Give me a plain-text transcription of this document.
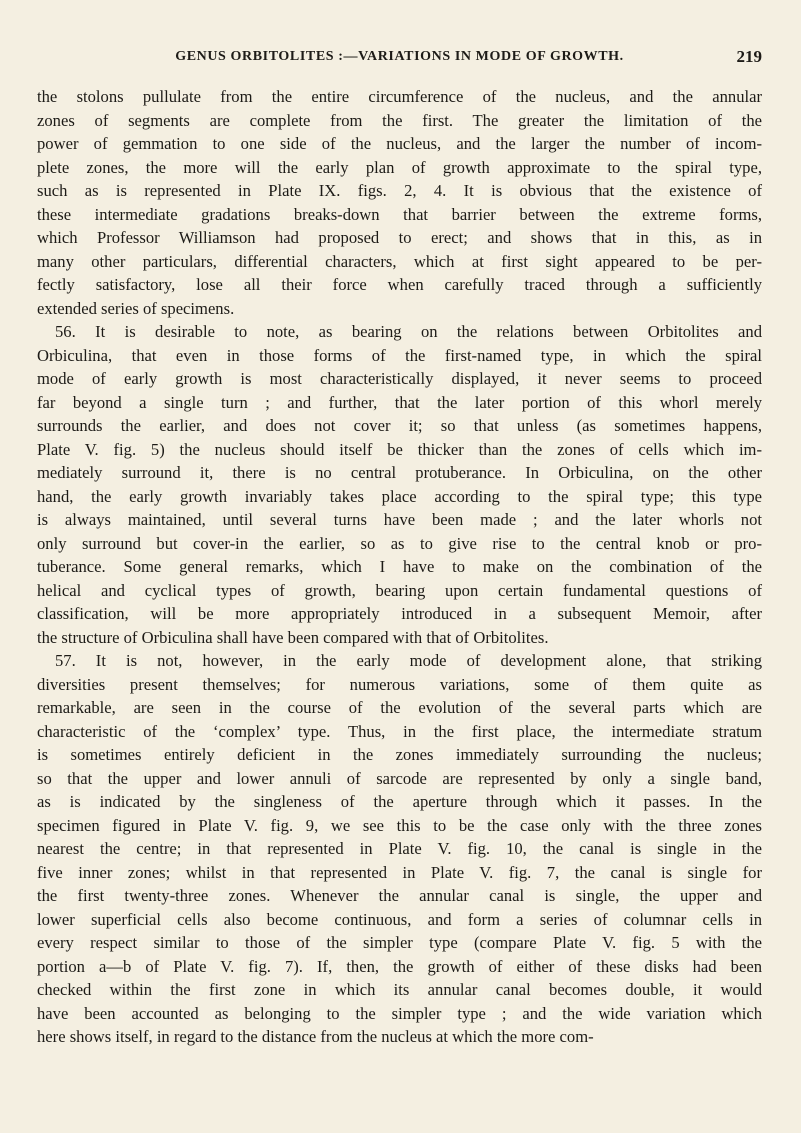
GENUS ORBITOLITES :—VARIATIONS IN MODE OF GROWTH.	219
the stolons pullulate from the entire circumference of the nucleus, and the annular
zones of segments are complete from the first. The greater the limitation of the
power of gemmation to one side of the nucleus, and the larger the number of incom-
plete zones, the more will the early plan of growth approximate to the spiral type,
such as is represented in Plate IX. figs. 2, 4. It is obvious that the existence of
these intermediate gradations breaks-down that barrier between the extreme forms,
which Professor Williamson had proposed to erect; and shows that in this, as in
many other particulars, differential characters, which at first sight appeared to be per-
fectly satisfactory, lose all their force when carefully traced through a sufficiently
extended series of specimens.
56. It is desirable to note, as bearing on the relations between Orbitolites and
Orbiculina, that even in those forms of the first-named type, in which the spiral
mode of early growth is most characteristically displayed, it never seems to proceed
far beyond a single turn ; and further, that the later portion of this whorl merely
surrounds the earlier, and does not cover it; so that unless (as sometimes happens,
Plate V. fig. 5) the nucleus should itself be thicker than the zones of cells which im-
mediately surround it, there is no central protuberance. In Orbiculina, on the other
hand, the early growth invariably takes place according to the spiral type; this type
is always maintained, until several turns have been made ; and the later whorls not
only surround but cover-in the earlier, so as to give rise to the central knob or pro-
tuberance. Some general remarks, which I have to make on the combination of the
helical and cyclical types of growth, bearing upon certain fundamental questions of
classification, will be more appropriately introduced in a subsequent Memoir, after
the structure of Orbiculina shall have been compared with that of Orbitolites.
57. It is not, however, in the early mode of development alone, that striking
diversities present themselves; for numerous variations, some of them quite as
remarkable, are seen in the course of the evolution of the several parts which are
characteristic of the ‘complex’ type. Thus, in the first place, the intermediate stratum
is sometimes entirely deficient in the zones immediately surrounding the nucleus;
so that the upper and lower annuli of sarcode are represented by only a single band,
as is indicated by the singleness of the aperture through which it passes. In the
specimen figured in Plate V. fig. 9, we see this to be the case only with the three zones
nearest the centre; in that represented in Plate V. fig. 10, the canal is single in the
five inner zones; whilst in that represented in Plate V. fig. 7, the canal is single for
the first twenty-three zones. Whenever the annular canal is single, the upper and
lower superficial cells also become continuous, and form a series of columnar cells in
every respect similar to those of the simpler type (compare Plate V. fig. 5 with the
portion a—b of Plate V. fig. 7). If, then, the growth of either of these disks had been
checked within the first zone in which its annular canal becomes double, it would
have been accounted as belonging to the simpler type ; and the wide variation which
here shows itself, in regard to the distance from the nucleus at which the more com-
